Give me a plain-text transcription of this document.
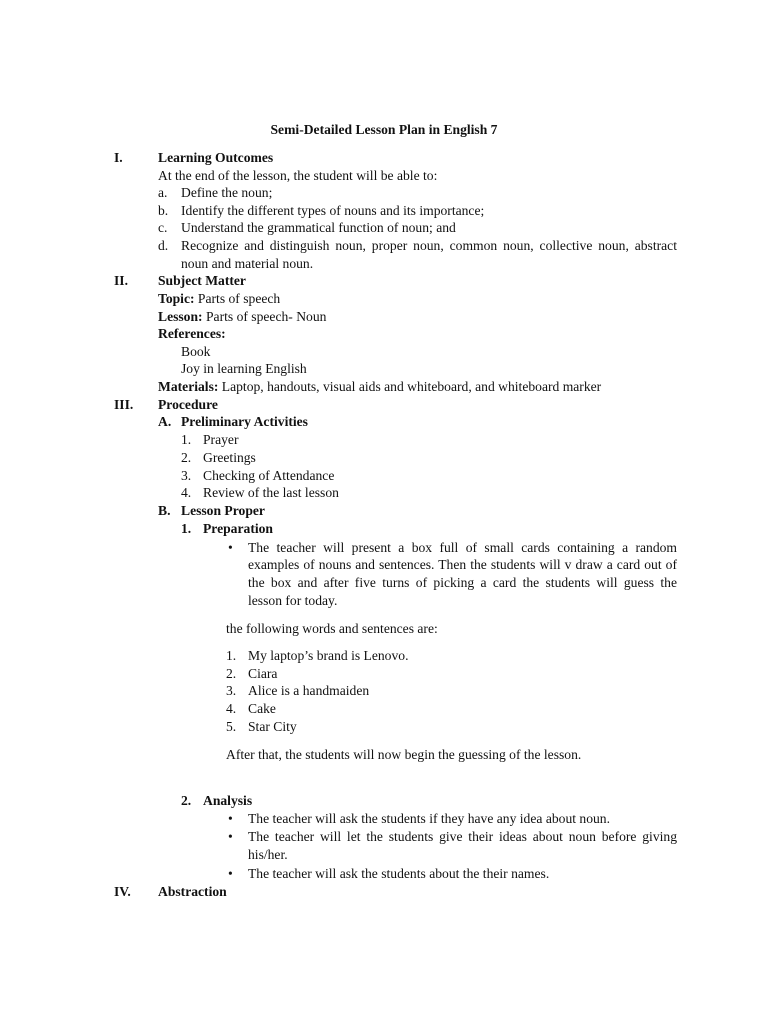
Semi-Detailed Lesson Plan in English 7
I.	Learning Outcomes
At the end of the lesson, the student will be able to:
a. Define the noun;
b. Identify the different types of nouns and its importance;
c. Understand the grammatical function of noun; and
d. Recognize and distinguish noun, proper noun, common noun, collective noun, abstract
noun and material noun.
II. Subject Matter
Topic: Parts of speech
Lesson: Parts of speech- Noun
References:
Book
Joy in learning English
Materials: Laptop, handouts, visual aids and whiteboard, and whiteboard marker
III. Procedure
A. Preliminary Activities
1. Prayer
2. Greetings
3. Checking of Attendance
4. Review of the last lesson
B. Lesson Proper
1. Preparation
• The teacher will present a box full of small cards containing a random
examples of nouns and sentences. Then the students will v draw a card out of
the box and after five turns of picking a card the students will guess the
lesson for today.
the following words and sentences are:
1. My laptop’s brand is Lenovo.
2. Ciara
3. Alice is a handmaiden
4. Cake
5. Star City
After that, the students will now begin the guessing of the lesson.
2. Analysis
• The teacher will ask the students if they have any idea about noun.
• The teacher will let the students give their ideas about noun before giving
his/her.
• The teacher will ask the students about the their names.
IV. Abstraction
